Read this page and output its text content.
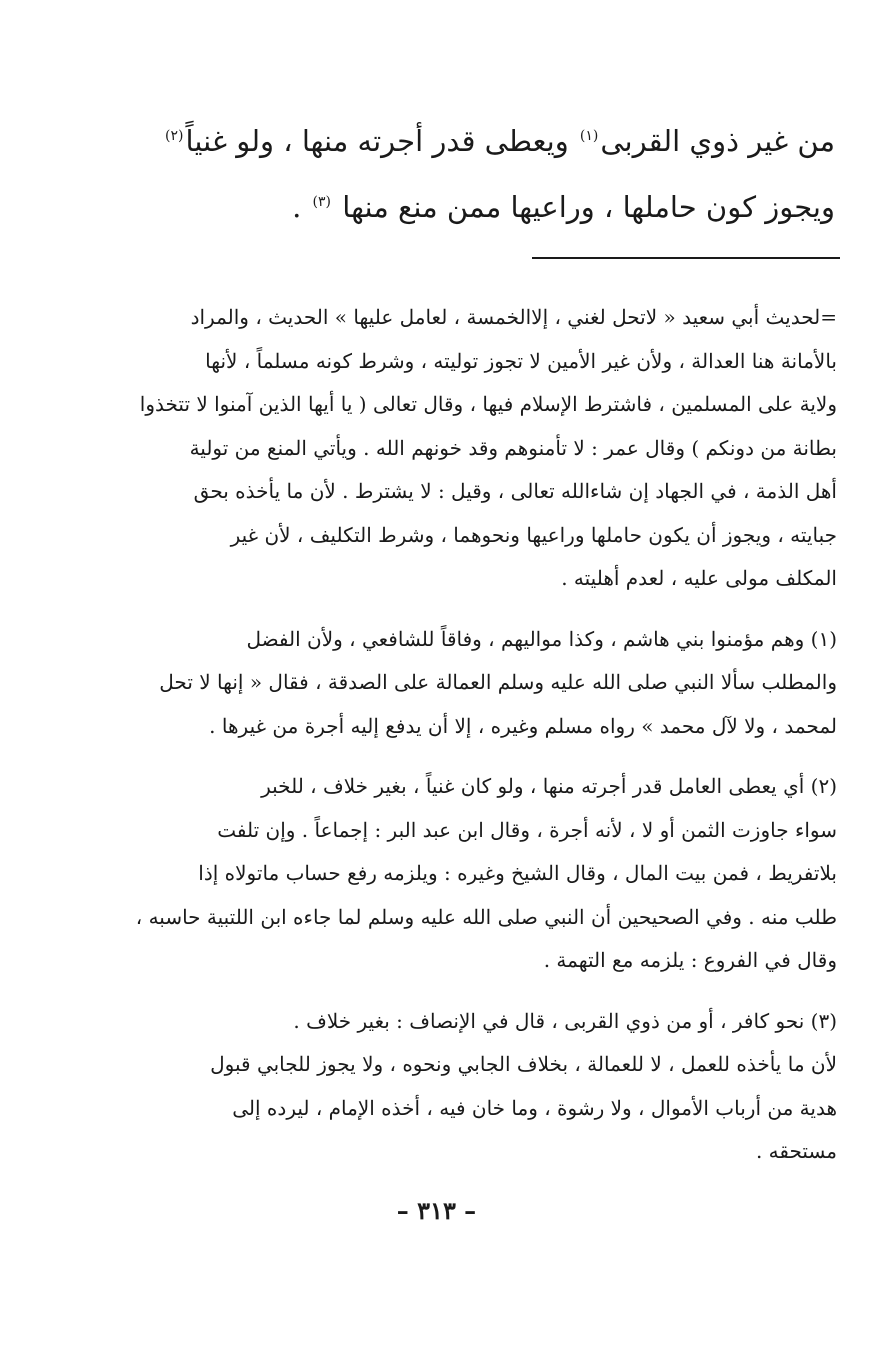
من غير ذوي القربى$^{(١)}$ ويعطى قدر أجرته منها ، ولو غنياً$^{(٢)}$
ويجوز كون حاملها ، وراعيها ممن منع منها $^{(٣)}$ .
=لحديث أبي سعيد « لاتحل لغني ، إلاالخمسة ، لعامل عليها » الحديث ، والمراد
بالأمانة هنا العدالة ، ولأن غير الأمين لا تجوز توليته ، وشرط كونه مسلماً ، لأنها
ولاية على المسلمين ، فاشترط الإسلام فيها ، وقال تعالى ( يا أيها الذين آمنوا لا تتخذوا
بطانة من دونكم ) وقال عمر : لا تأمنوهم وقد خونهم الله . ويأتي المنع من تولية
أهل الذمة ، في الجهاد إن شاءالله تعالى ، وقيل : لا يشترط . لأن ما يأخذه بحق
جبايته ، ويجوز أن يكون حاملها وراعيها ونحوهما ، وشرط التكليف ، لأن غير
المكلف مولى عليه ، لعدم أهليته .
(١) وهم مؤمنوا بني هاشم ، وكذا مواليهم ، وفاقاً للشافعي ، ولأن الفضل
والمطلب سألا النبي صلى الله عليه وسلم العمالة على الصدقة ، فقال « إنها لا تحل
لمحمد ، ولا لآل محمد » رواه مسلم وغيره ، إلا أن يدفع إليه أجرة من غيرها .
(٢) أي يعطى العامل قدر أجرته منها ، ولو كان غنياً ، بغير خلاف ، للخبر
سواء جاوزت الثمن أو لا ، لأنه أجرة ، وقال ابن عبد البر : إجماعاً . وإن تلفت
بلاتفريط ، فمن بيت المال ، وقال الشيخ وغيره : ويلزمه رفع حساب ماتولاه إذا
طلب منه . وفي الصحيحين أن النبي صلى الله عليه وسلم لما جاءه ابن اللتبية حاسبه ،
وقال في الفروع : يلزمه مع التهمة .
(٣) نحو كافر ، أو من ذوي القربى ، قال في الإنصاف : بغير خلاف .
لأن ما يأخذه للعمل ، لا للعمالة ، بخلاف الجابي ونحوه ، ولا يجوز للجابي قبول
هدية من أرباب الأموال ، ولا رشوة ، وما خان فيه ، أخذه الإمام ، ليرده إلى
مستحقه .
– ٣١٣ –
